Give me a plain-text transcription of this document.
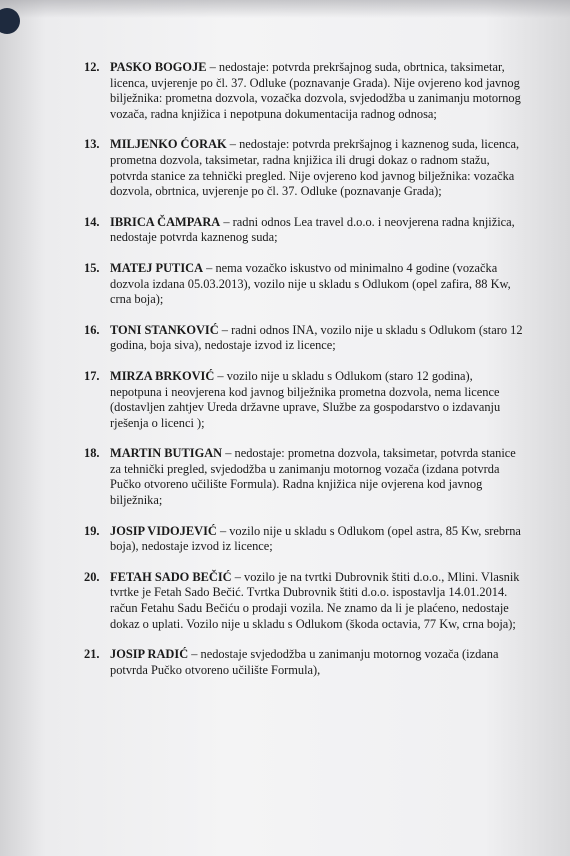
12. PASKO BOGOJE – nedostaje: potvrda prekršajnog suda, obrtnica, taksimetar, licenca, uvjerenje po čl. 37. Odluke (poznavanje Grada). Nije ovjereno kod javnog bilježnika: prometna dozvola, vozačka dozvola, svjedodžba u zanimanju motornog vozača, radna knjižica i nepotpuna dokumentacija radnog odnosa;
13. MILJENKO ĆORAK – nedostaje: potvrda prekršajnog i kaznenog suda, licenca, prometna dozvola, taksimetar, radna knjižica ili drugi dokaz o radnom stažu, potvrda stanice za tehnički pregled. Nije ovjereno kod javnog bilježnika: vozačka dozvola, obrtnica, uvjerenje po čl. 37. Odluke (poznavanje Grada);
14. IBRICA ČAMPARA – radni odnos Lea travel d.o.o. i neovjerena radna knjižica, nedostaje potvrda kaznenog suda;
15. MATEJ PUTICA – nema vozačko iskustvo od minimalno 4 godine (vozačka dozvola izdana 05.03.2013), vozilo nije u skladu s Odlukom (opel zafira, 88 Kw, crna boja);
16. TONI STANKOVIĆ – radni odnos INA, vozilo nije u skladu s Odlukom (staro 12 godina, boja siva), nedostaje izvod iz licence;
17. MIRZA BRKOVIĆ – vozilo nije u skladu s Odlukom (staro 12 godina), nepotpuna i neovjerena kod javnog bilježnika prometna dozvola, nema licence (dostavljen zahtjev Ureda državne uprave, Službe za gospodarstvo o izdavanju rješenja o licenci );
18. MARTIN BUTIGAN – nedostaje: prometna dozvola, taksimetar, potvrda stanice za tehnički pregled, svjedodžba u zanimanju motornog vozača (izdana potvrda Pučko otvoreno učilište Formula). Radna knjižica nije ovjerena kod javnog bilježnika;
19. JOSIP VIDOJEVIĆ – vozilo nije u skladu s Odlukom (opel astra, 85 Kw, srebrna boja), nedostaje izvod iz licence;
20. FETAH SADO BEČIĆ – vozilo je na tvrtki Dubrovnik štiti d.o.o., Mlini. Vlasnik tvrtke je Fetah Sado Bečić. Tvrtka Dubrovnik štiti d.o.o. ispostavlja 14.01.2014. račun Fetahu Sadu Bečiću o prodaji vozila. Ne znamo da li je plaćeno, nedostaje dokaz o uplati. Vozilo nije u skladu s Odlukom (škoda octavia, 77 Kw, crna boja);
21. JOSIP RADIĆ – nedostaje svjedodžba u zanimanju motornog vozača (izdana potvrda Pučko otvoreno učilište Formula),
